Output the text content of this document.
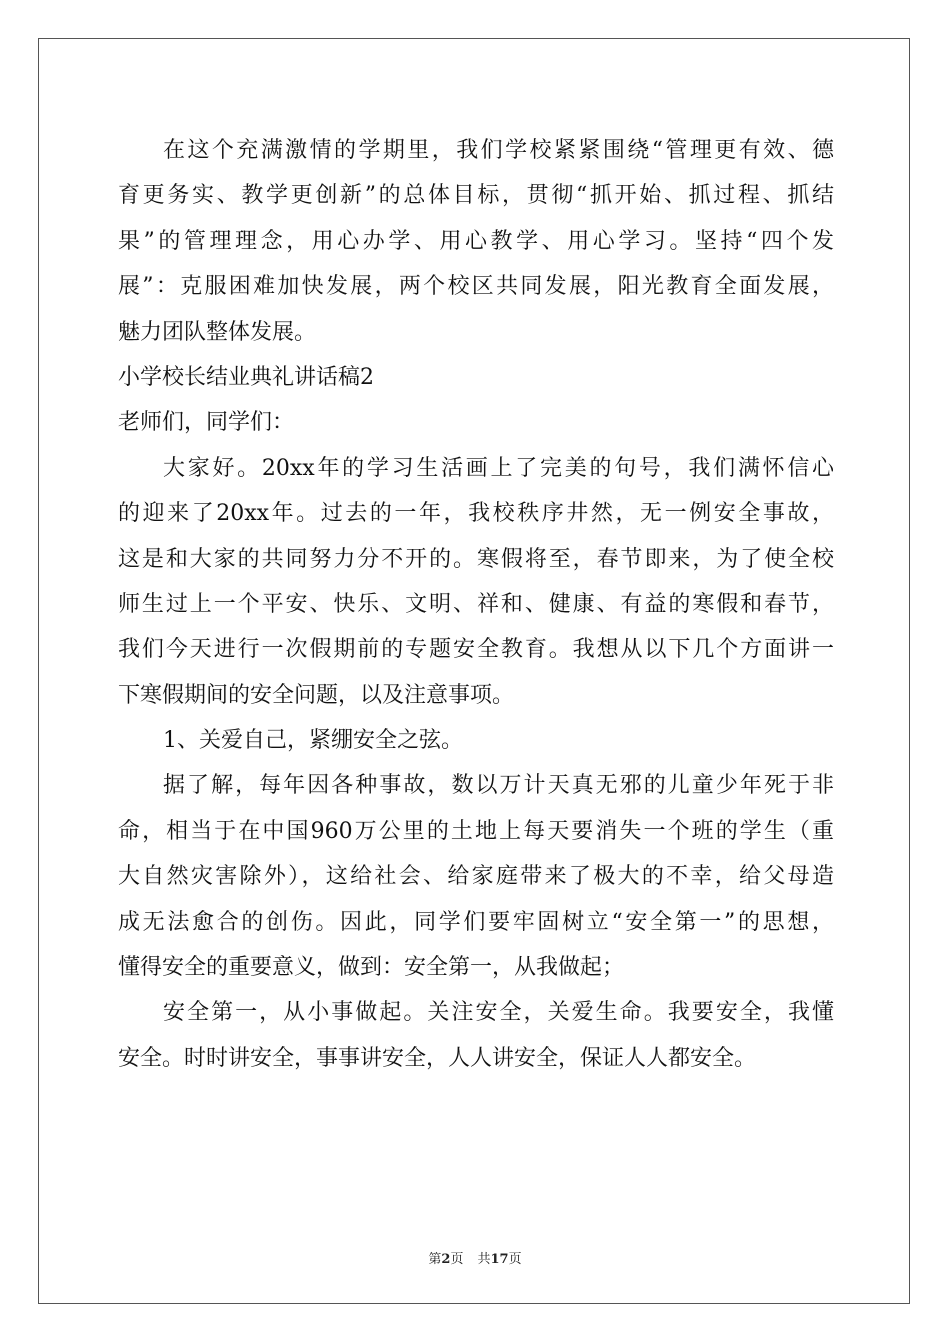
在这个充满激情的学期里，我们学校紧紧围绕“管理更有效、德
育更务实、教学更创新”的总体目标，贯彻“抓开始、抓过程、抓结
果”的管理理念，用心办学、用心教学、用心学习。坚持“四个发
展”：克服困难加快发展，两个校区共同发展，阳光教育全面发展，
魅力团队整体发展。
小学校长结业典礼讲话稿2
老师们，同学们：
大家好。20xx年的学习生活画上了完美的句号，我们满怀信心
的迎来了20xx年。过去的一年，我校秩序井然，无一例安全事故，
这是和大家的共同努力分不开的。寒假将至，春节即来，为了使全校
师生过上一个平安、快乐、文明、祥和、健康、有益的寒假和春节，
我们今天进行一次假期前的专题安全教育。我想从以下几个方面讲一
下寒假期间的安全问题，以及注意事项。
1、关爱自己，紧绷安全之弦。
据了解，每年因各种事故，数以万计天真无邪的儿童少年死于非
命，相当于在中国960万公里的土地上每天要消失一个班的学生（重
大自然灾害除外），这给社会、给家庭带来了极大的不幸，给父母造
成无法愈合的创伤。因此，同学们要牢固树立“安全第一”的思想，
懂得安全的重要意义，做到：安全第一，从我做起；
安全第一，从小事做起。关注安全，关爱生命。我要安全，我懂
安全。时时讲安全，事事讲安全，人人讲安全，保证人人都安全。
第2页 共17页
